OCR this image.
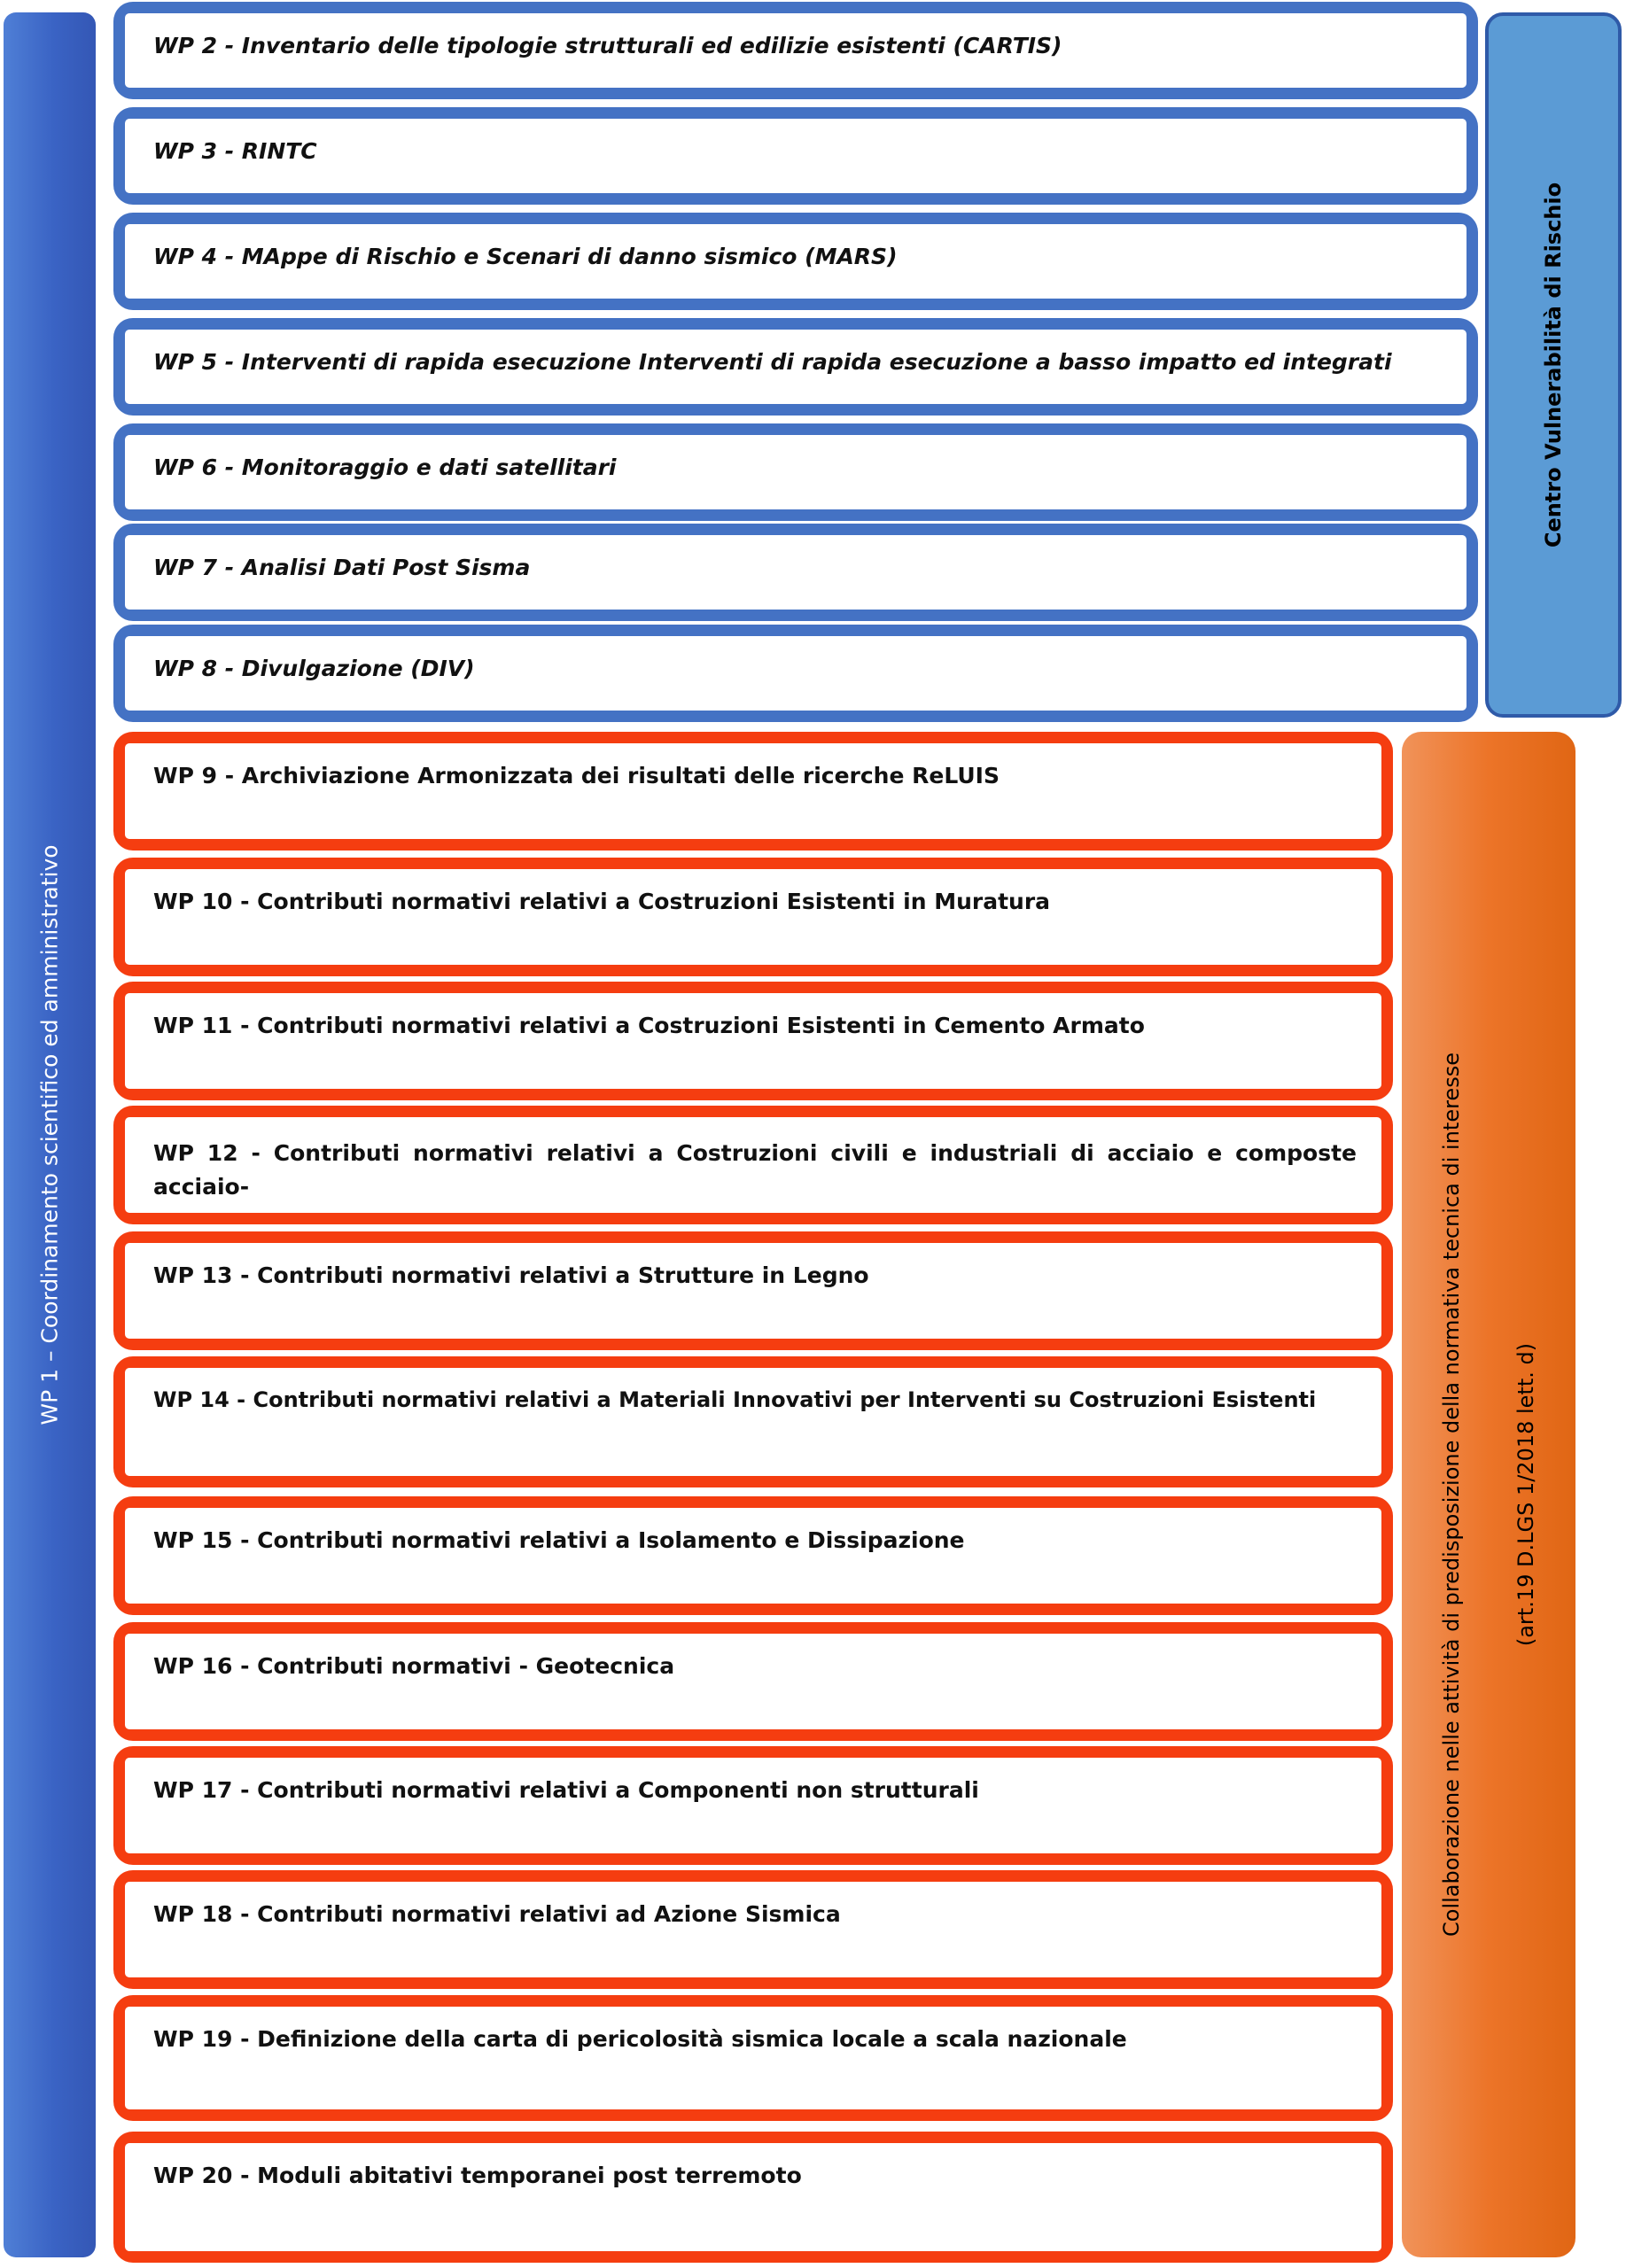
WP 1 – Coordinamento scientifico ed amministrativo
Centro Vulnerabilità di Rischio
Collaborazione nelle attività di predisposizione della normativa tecnica di interesse	(art.19 D.LGS 1/2018 lett. d)
WP 2 - Inventario delle tipologie strutturali ed edilizie esistenti (CARTIS)
WP 3 - RINTC
WP 4 - MAppe di Rischio e Scenari di danno sismico (MARS)
WP 5 - Interventi di rapida esecuzione Interventi di rapida esecuzione a basso impatto ed integrati
WP 6 - Monitoraggio e dati satellitari
WP 7 - Analisi Dati Post Sisma
WP 8 - Divulgazione (DIV)
WP 9 - Archiviazione Armonizzata dei risultati delle ricerche ReLUIS
WP 10 - Contributi normativi relativi a Costruzioni Esistenti in Muratura
WP 11 - Contributi normativi relativi a Costruzioni Esistenti in Cemento Armato
WP 12 - Contributi normativi relativi a Costruzioni civili e industriali di acciaio e composte acciaio-
WP 13 - Contributi normativi relativi a Strutture in Legno
WP 14 - Contributi normativi relativi a Materiali Innovativi per Interventi su Costruzioni Esistenti
WP 15 - Contributi normativi relativi a Isolamento e Dissipazione
WP 16 - Contributi normativi - Geotecnica
WP 17 - Contributi normativi relativi a Componenti non strutturali
WP 18 - Contributi normativi relativi ad Azione Sismica
WP 19 - Definizione della carta di pericolosità sismica locale a scala nazionale
WP 20 - Moduli abitativi temporanei post terremoto
